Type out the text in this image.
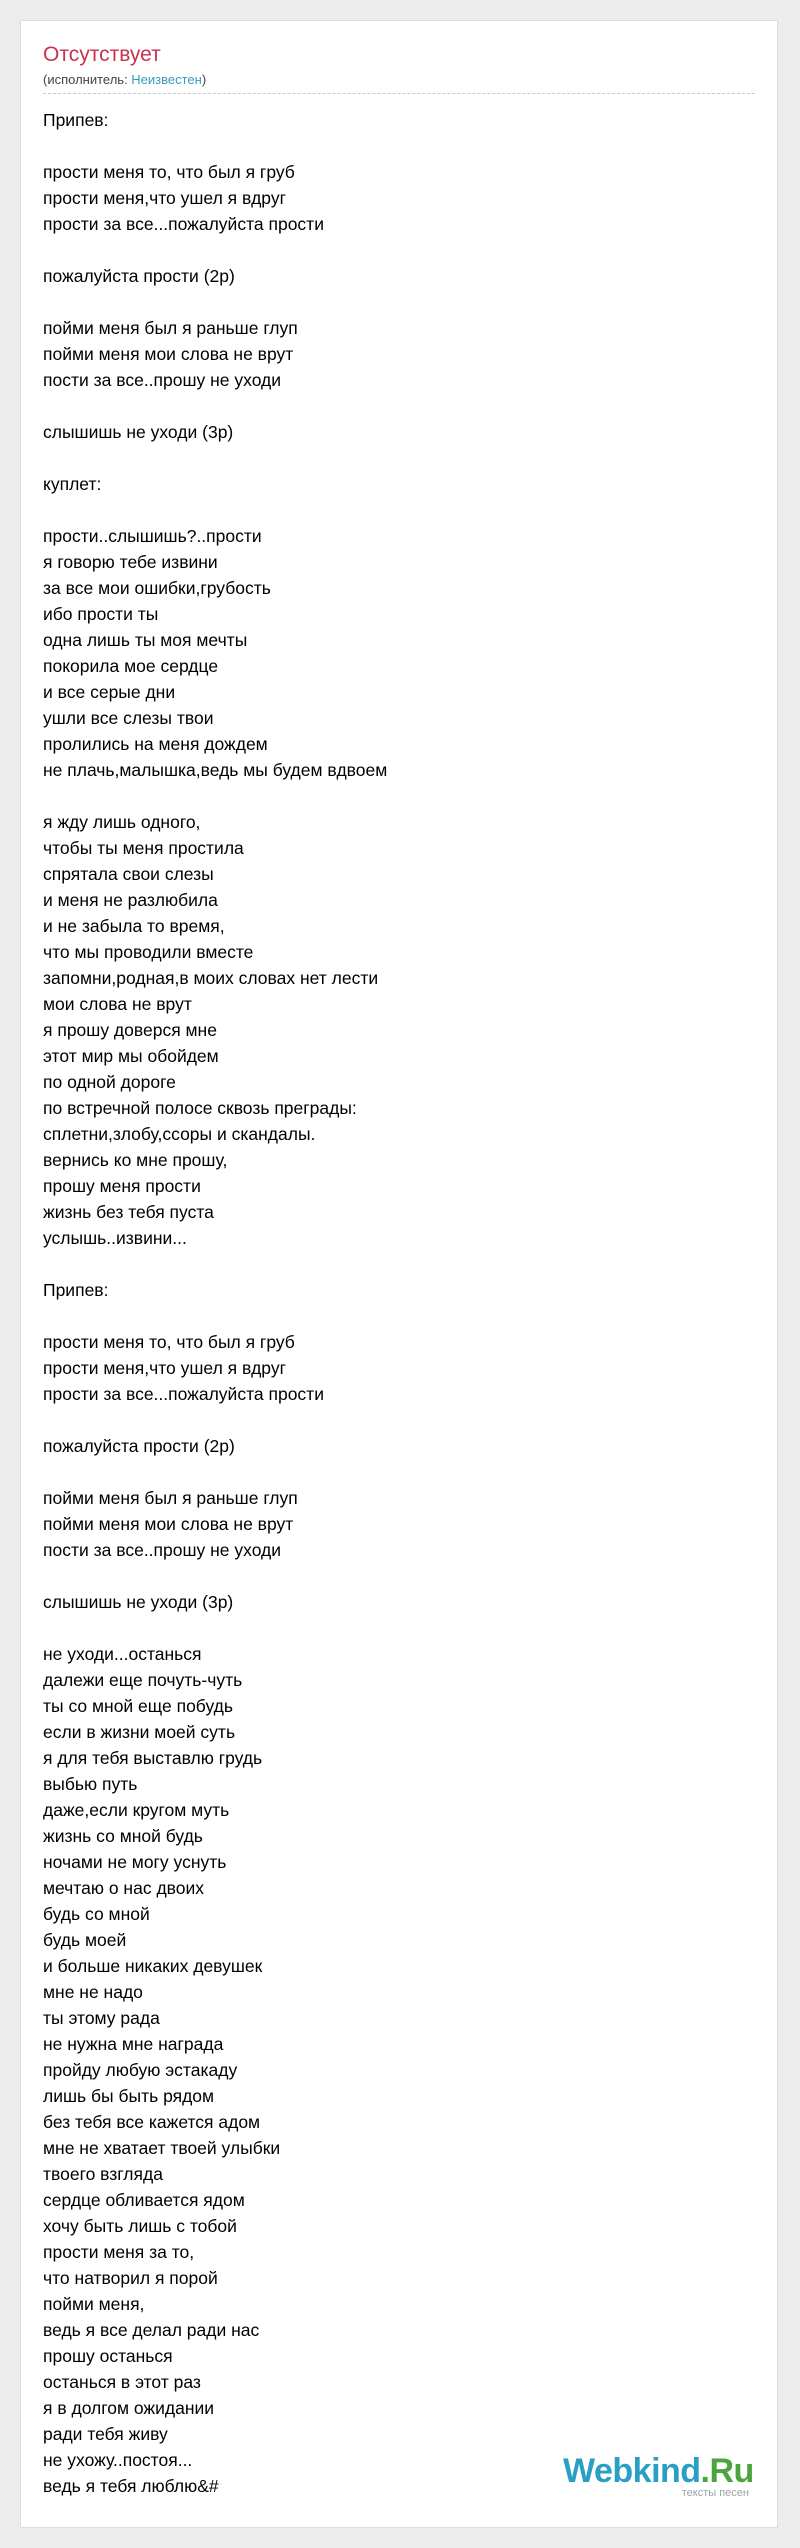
Отсутствует
(исполнитель: Неизвестен)
Припев:
прости меня то, что был я груб
прости меня,что ушел я вдруг
прости за все...пожалуйста прости
пожалуйста прости (2р)
пойми меня был я раньше глуп
пойми меня мои слова не врут
пости за все..прошу не уходи
слышишь не уходи (3р)
куплет:
прости..слышишь?..прости
я говорю тебе извини
за все мои ошибки,грубость
ибо прости ты
одна лишь ты моя мечты
покорила мое сердце
и все серые дни
ушли все слезы твои
пролились на меня дождем
не плачь,малышка,ведь мы будем вдвоем
я жду лишь одного,
чтобы ты меня простила
спрятала свои слезы
и меня не разлюбила
и не забыла то время,
что мы проводили вместе
запомни,родная,в моих словах нет лести
мои слова не врут
я прошу доверся мне
этот мир мы обойдем
по одной дороге
по встречной полосе сквозь преграды:
сплетни,злобу,ссоры и скандалы.
вернись ко мне прошу,
прошу меня прости
жизнь без тебя пуста
услышь..извини...
Припев:
прости меня то, что был я груб
прости меня,что ушел я вдруг
прости за все...пожалуйста прости
пожалуйста прости (2р)
пойми меня был я раньше глуп
пойми меня мои слова не врут
пости за все..прошу не уходи
слышишь не уходи (3р)
не уходи...останься
далежи еще почуть-чуть
ты со мной еще побудь
если в жизни моей суть
я для тебя выставлю грудь
выбью путь
даже,если кругом муть
жизнь со мной будь
ночами не могу уснуть
мечтаю о нас двоих
будь со мной
будь моей
и больше никаких девушек
мне не надо
ты этому рада
не нужна мне награда
пройду любую эстакаду
лишь бы быть рядом
без тебя все кажется адом
мне не хватает твоей улыбки
твоего взгляда
сердце обливается ядом
хочу быть лишь с тобой
прости меня за то,
что натворил я порой
пойми меня,
ведь я все делал ради нас
прошу останься
останься в этот раз
я в долгом ожидании
ради тебя живу
не ухожу..постоя...
ведь я тебя люблю&#	Webkind.Ru
тексты песен
